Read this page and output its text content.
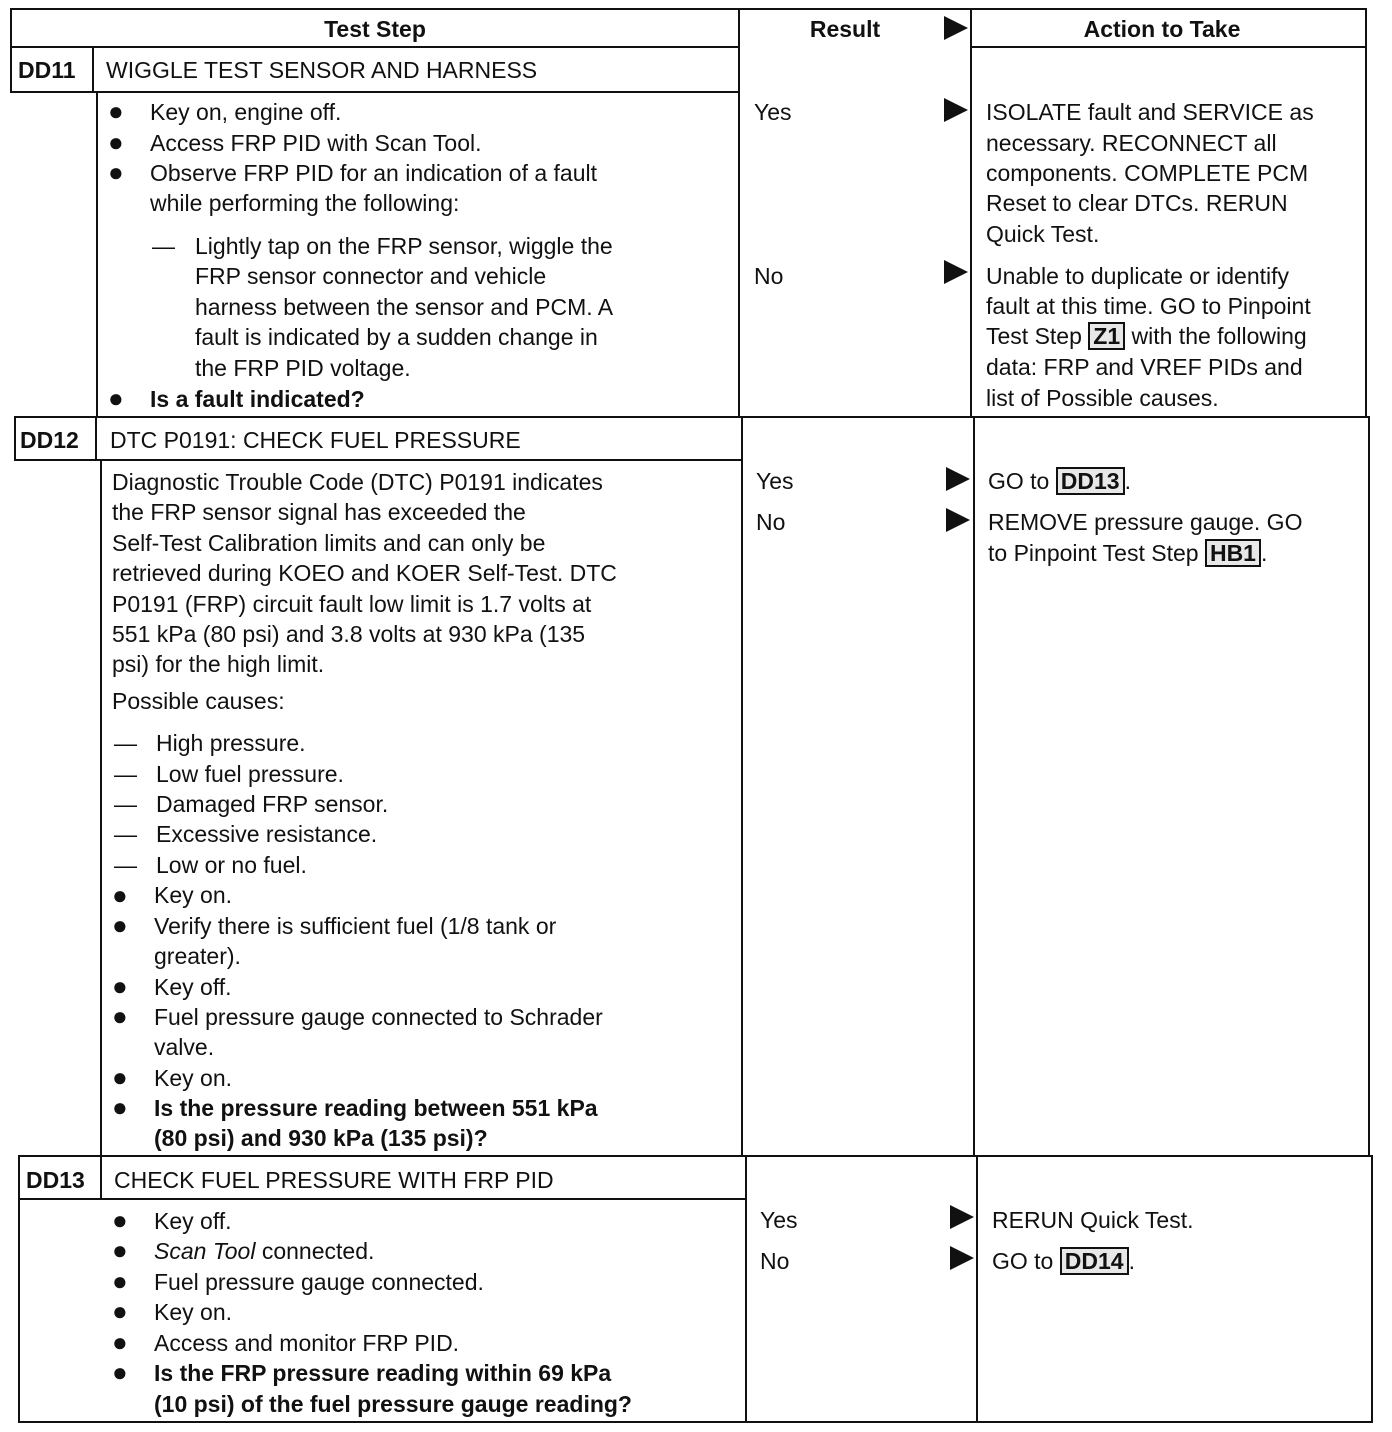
Test Step	Result	Action to Take
DD11 WIGGLE TEST SENSOR AND HARNESS
● Key on, engine off.
● Access FRP PID with Scan Tool.
● Observe FRP PID for an indication of a fault
while performing the following:
— Lightly tap on the FRP sensor, wiggle the
FRP sensor connector and vehicle
harness between the sensor and PCM. A
fault is indicated by a sudden change in
the FRP PID voltage.
● Is a fault indicated?
Yes
No
ISOLATE fault and SERVICE as
necessary. RECONNECT all
components. COMPLETE PCM
Reset to clear DTCs. RERUN
Quick Test.
Unable to duplicate or identify
fault at this time. GO to Pinpoint
Test Step Z1 with the following
data: FRP and VREF PIDs and
list of Possible causes.
DD12 DTC P0191: CHECK FUEL PRESSURE
Diagnostic Trouble Code (DTC) P0191 indicates
the FRP sensor signal has exceeded the
Self-Test Calibration limits and can only be
retrieved during KOEO and KOER Self-Test. DTC
P0191 (FRP) circuit fault low limit is 1.7 volts at
551 kPa (80 psi) and 3.8 volts at 930 kPa (135
psi) for the high limit.
Possible causes:
— High pressure.
— Low fuel pressure.
— Damaged FRP sensor.
— Excessive resistance.
— Low or no fuel.
● Key on.
● Verify there is sufficient fuel (1/8 tank or
greater).
● Key off.
● Fuel pressure gauge connected to Schrader
valve.
● Key on.
● Is the pressure reading between 551 kPa
(80 psi) and 930 kPa (135 psi)?
Yes
No
GO to DD13 .
REMOVE pressure gauge. GO
to Pinpoint Test Step HB1 .
DD13 CHECK FUEL PRESSURE WITH FRP PID
● Key off.
● Scan Tool connected.
● Fuel pressure gauge connected.
● Key on.
● Access and monitor FRP PID.
● Is the FRP pressure reading within 69 kPa
(10 psi) of the fuel pressure gauge reading?
Yes
No
RERUN Quick Test.
GO to DD14 .
